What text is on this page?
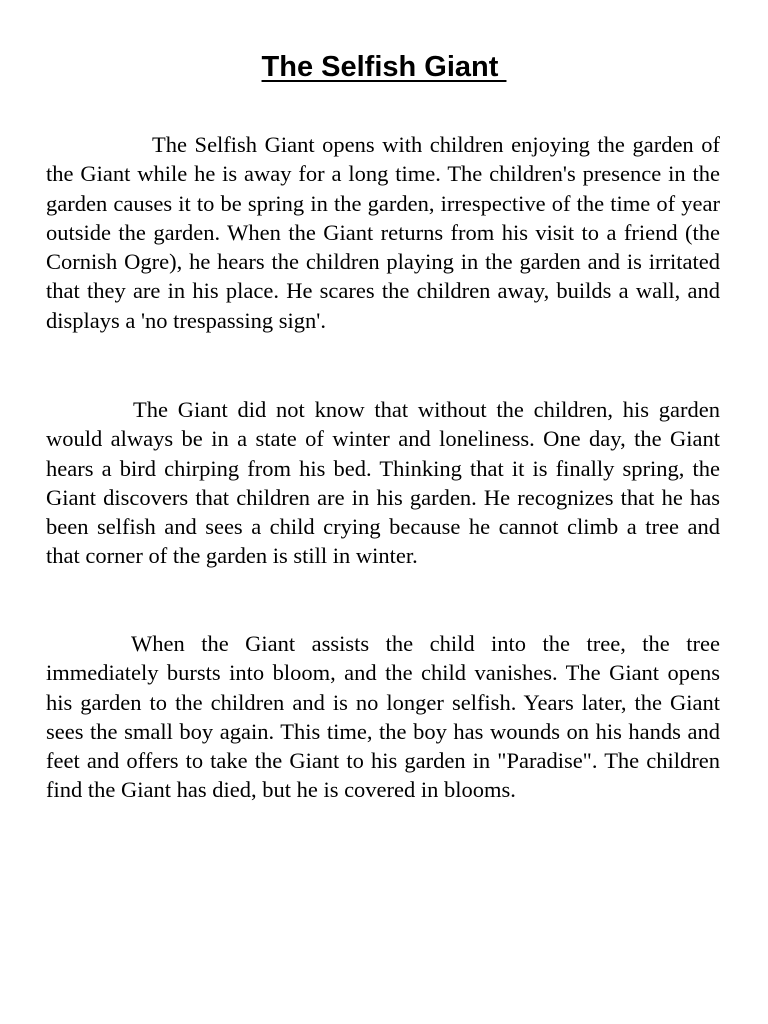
The Selfish Giant

The Selfish Giant opens with children enjoying the garden of the Giant while he is away for a long time. The children's presence in the garden causes it to be spring in the garden, irrespective of the time of year outside the garden. When the Giant returns from his visit to a friend (the Cornish Ogre), he hears the children playing in the garden and is irritated that they are in his place. He scares the children away, builds a wall, and displays a 'no trespassing sign'.

The Giant did not know that without the children, his garden would always be in a state of winter and loneliness. One day, the Giant hears a bird chirping from his bed. Thinking that it is finally spring, the Giant discovers that children are in his garden. He recognizes that he has been selfish and sees a child crying because he cannot climb a tree and that corner of the garden is still in winter.

When the Giant assists the child into the tree, the tree immediately bursts into bloom, and the child vanishes. The Giant opens his garden to the children and is no longer selfish. Years later, the Giant sees the small boy again. This time, the boy has wounds on his hands and feet and offers to take the Giant to his garden in "Paradise". The children find the Giant has died, but he is covered in blooms.
